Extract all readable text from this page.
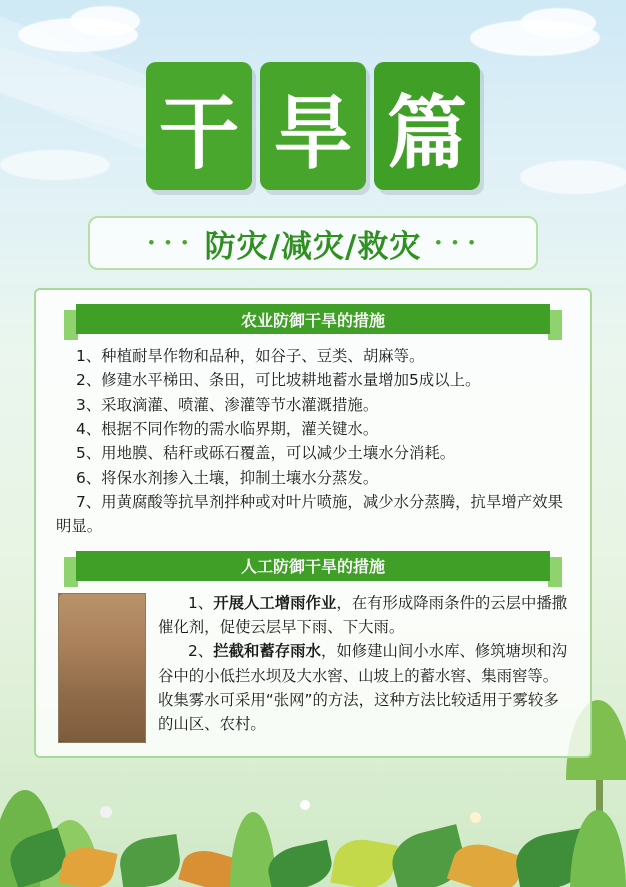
干 旱 篇
• • • 防灾/减灾/救灾 • • •
农业防御干旱的措施

1、种植耐旱作物和品种，如谷子、豆类、胡麻等。

2、修建水平梯田、条田，可比坡耕地蓄水量增加5成以上。

3、采取滴灌、喷灌、渗灌等节水灌溉措施。

4、根据不同作物的需水临界期，灌关键水。

5、用地膜、秸秆或砾石覆盖，可以减少土壤水分消耗。

6、将保水剂掺入土壤，抑制土壤水分蒸发。

7、用黄腐酸等抗旱剂拌种或对叶片喷施，减少水分蒸腾，抗旱增产效果明显。

人工防御干旱的措施

1、开展人工增雨作业，在有形成降雨条件的云层中播撒催化剂，促使云层早下雨、下大雨。

2、拦截和蓄存雨水，如修建山间小水库、修筑塘坝和沟谷中的小低拦水坝及大水窖、山坡上的蓄水窖、集雨窖等。收集雾水可采用“张网”的方法，这种方法比较适用于雾较多的山区、农村。
